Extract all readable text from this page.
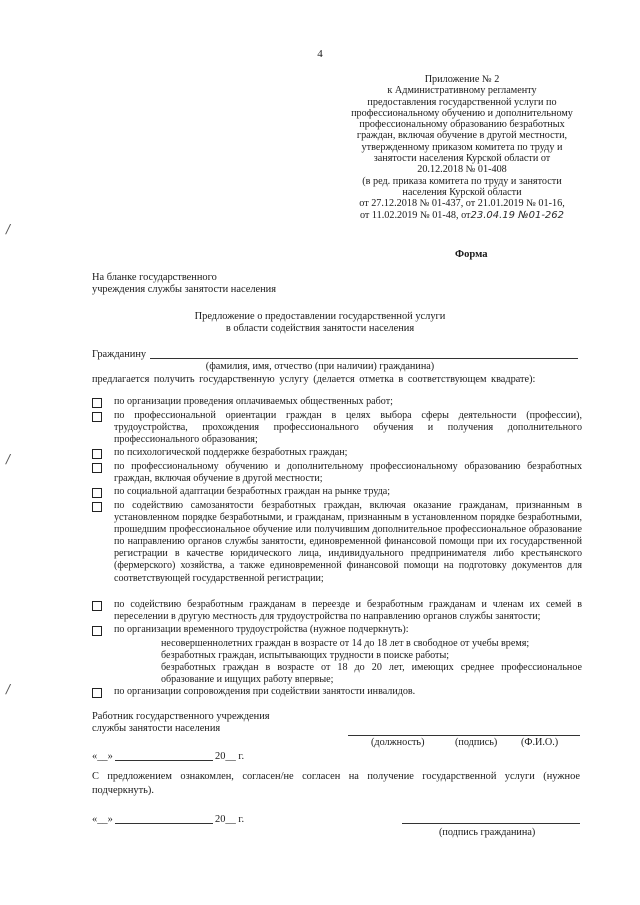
4
Приложение № 2
к Административному регламенту
предоставления государственной услуги по
профессиональному обучению и дополнительному
профессиональному образованию безработных
граждан, включая обучение в другой местности,
утвержденному приказом комитета по труду и
занятости населения Курской области от
20.12.2018 № 01-408
(в ред. приказа комитета по труду и занятости
населения Курской области
от 27.12.2018 № 01-437, от 21.01.2019 № 01-16,
от 11.02.2019 № 01-48, от23.04.19 №01-262
/
/
/
Форма
На бланке государственного
учреждения службы занятости населения
Предложение о предоставлении государственной услуги
в области содействия занятости населения
Гражданину
(фамилия, имя, отчество (при наличии) гражданина)
предлагается получить государственную услугу (делается отметка в соответствующем квадрате):
по организации проведения оплачиваемых общественных работ;
по профессиональной ориентации граждан в целях выбора сферы деятельности (профессии), трудоустройства, прохождения профессионального обучения и получения дополнительного профессионального образования;
по психологической поддержке безработных граждан;
по профессиональному обучению и дополнительному профессиональному образованию безработных граждан, включая обучение в другой местности;
по социальной адаптации безработных граждан на рынке труда;
по содействию самозанятости безработных граждан, включая оказание гражданам, признанным в установленном порядке безработными, и гражданам, признанным в установленном порядке безработными, прошедшим профессиональное обучение или получившим дополнительное профессиональное образование по направлению органов службы занятости, единовременной финансовой помощи при их государственной регистрации в качестве юридического лица, индивидуального предпринимателя либо крестьянского (фермерского) хозяйства, а также единовременной финансовой помощи на подготовку документов для соответствующей государственной регистрации;
по содействию безработным гражданам в переезде и безработным гражданам и членам их семей в переселении в другую местность для трудоустройства по направлению органов службы занятости;
по организации временного трудоустройства (нужное подчеркнуть):
несовершеннолетних граждан в возрасте от 14 до 18 лет в свободное от учебы время;
безработных граждан, испытывающих трудности в поиске работы;
безработных граждан в возрасте от 18 до 20 лет, имеющих среднее профессиональное образование и ищущих работу впервые;
по организации сопровождения при содействии занятости инвалидов.
Работник государственного учреждения
службы занятости населения
(должность)	(подпись) (Ф.И.О.)
«__»	20__ г.
С предложением ознакомлен, согласен/не согласен на получение государственной услуги (нужное подчеркнуть).
«__»	20__ г.
(подпись гражданина)
